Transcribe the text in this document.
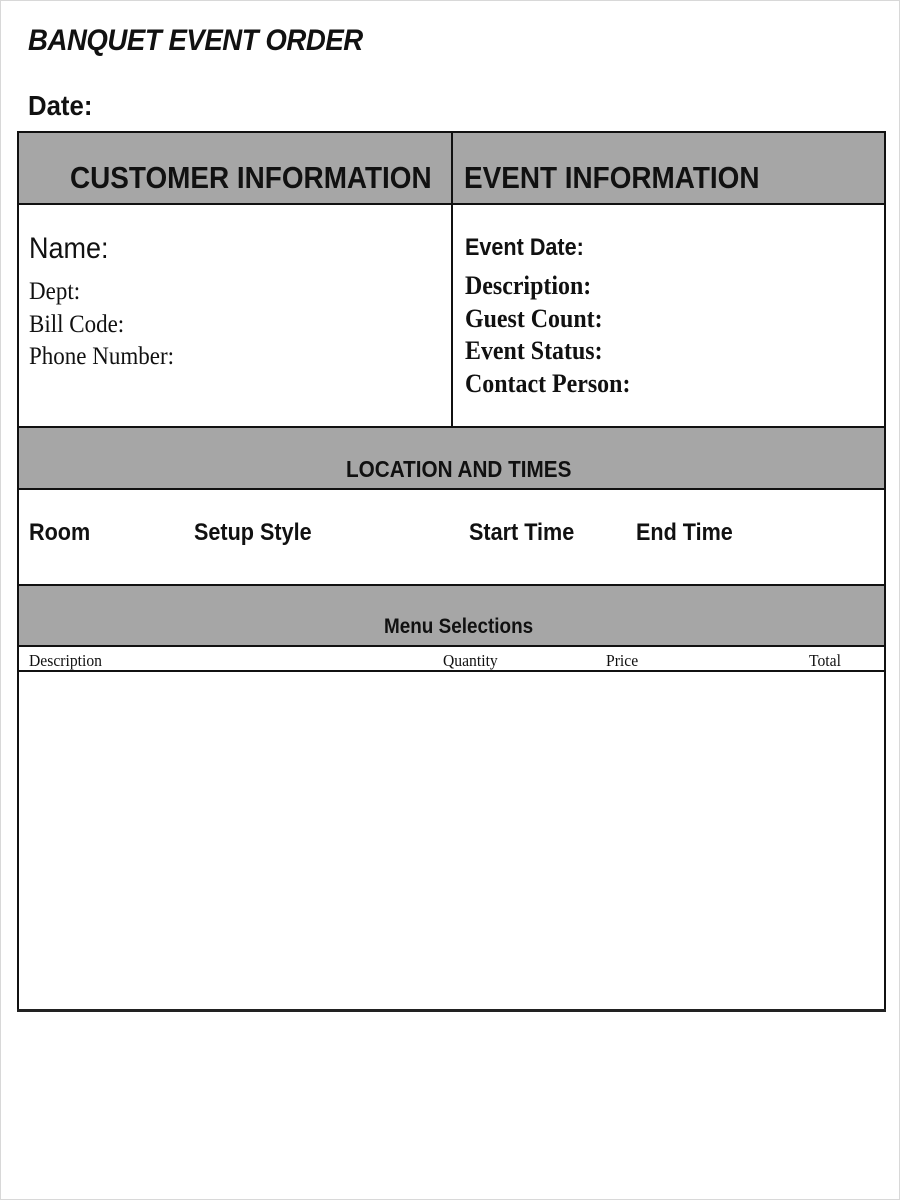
BANQUET EVENT ORDER
Date:
CUSTOMER INFORMATION EVENT INFORMATION
Name:
Dept:
Bill Code:
Phone Number:
Event Date:
Description:
Guest Count:
Event Status:
Contact Person:
LOCATION AND TIMES
Room	Setup Style	Start Time	End Time
Menu Selections
Description	Quantity	Price	Total
